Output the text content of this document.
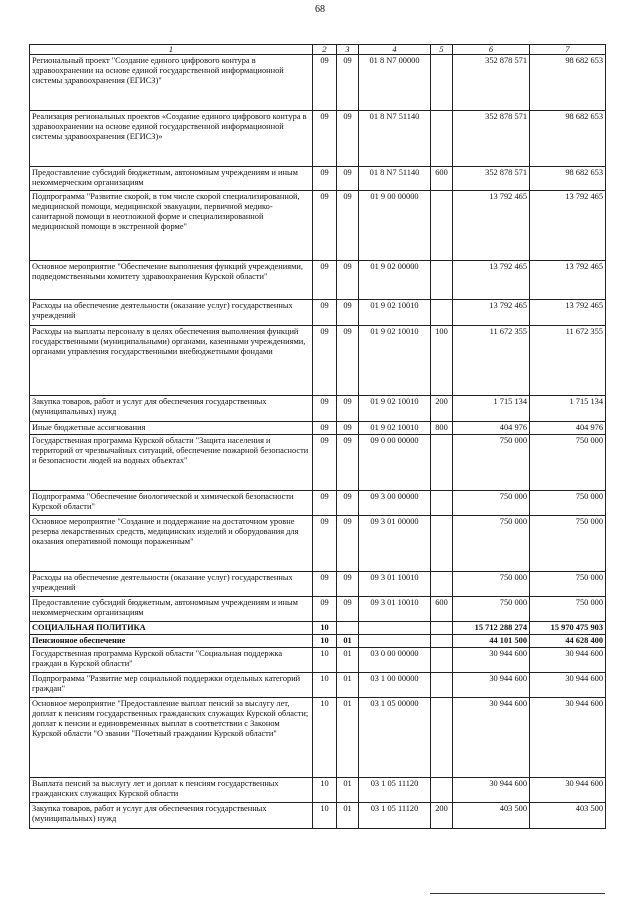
68
1	2	3	4	5	6	7
Региональный проект "Создание единого цифрового контура в здравоохранении на основе единой государственной информационной системы здравоохранения (ЕГИСЗ)"	09	09	01 8 N7 00000		352 878 571	98 682 653
Реализация региональных проектов «Создание единого цифрового контура в здравоохранении на основе единой государственной информационной системы здравоохранения (ЕГИСЗ)»	09	09	01 8 N7 51140		352 878 571	98 682 653
Предоставление субсидий бюджетным, автономным учреждениям и иным некоммерческим организациям	09	09	01 8 N7 51140	600	352 878 571	98 682 653
Подпрограмма "Развитие скорой, в том числе скорой специализированной, медицинской помощи, медицинской эвакуации, первичной медико-санитарной помощи в неотложной форме и специализированной медицинской помощи в экстренной форме"	09	09	01 9 00 00000		13 792 465	13 792 465
Основное мероприятие "Обеспечение выполнения функций учреждениями, подведомственными комитету здравоохранения Курской области"	09	09	01 9 02 00000		13 792 465	13 792 465
Расходы на обеспечение деятельности (оказание услуг) государственных учреждений	09	09	01 9 02 10010		13 792 465	13 792 465
Расходы на выплаты персоналу в целях обеспечения выполнения функций государственными (муниципальными) органами, казенными учреждениями, органами управления государственными внебюджетными фондами	09	09	01 9 02 10010	100	11 672 355	11 672 355
Закупка товаров, работ и услуг для обеспечения государственных (муниципальных) нужд	09	09	01 9 02 10010	200	1 715 134	1 715 134
Иные бюджетные ассигнования	09	09	01 9 02 10010	800	404 976	404 976
Государственная программа Курской области "Защита населения и территорий от чрезвычайных ситуаций, обеспечение пожарной безопасности и безопасности людей на водных объектах"	09	09	09 0 00 00000		750 000	750 000
Подпрограмма "Обеспечение биологической и химической безопасности Курской области"	09	09	09 3 00 00000		750 000	750 000
Основное мероприятие "Создание и поддержание на достаточном уровне резерва лекарственных средств, медицинских изделий и оборудования для оказания оперативной помощи пораженным"	09	09	09 3 01 00000		750 000	750 000
Расходы на обеспечение деятельности (оказание услуг) государственных учреждений	09	09	09 3 01 10010		750 000	750 000
Предоставление субсидий бюджетным, автономным учреждениям и иным некоммерческим организациям	09	09	09 3 01 10010	600	750 000	750 000
СОЦИАЛЬНАЯ ПОЛИТИКА	10				15 712 288 274	15 970 475 903
Пенсионное обеспечение	10	01			44 101 500	44 628 400
Государственная программа Курской области "Социальная поддержка граждан в Курской области"	10	01	03 0 00 00000		30 944 600	30 944 600
Подпрограмма "Развитие мер социальной поддержки отдельных категорий граждан"	10	01	03 1 00 00000		30 944 600	30 944 600
Основное мероприятие "Предоставление выплат пенсий за выслугу лет, доплат к пенсиям государственных гражданских служащих Курской области; доплат к пенсии и единовременных выплат в соответствии с Законом Курской области "О звании "Почетный гражданин Курской области"	10	01	03 1 05 00000		30 944 600	30 944 600
Выплата пенсий за выслугу лет и доплат к пенсиям государственных гражданских служащих Курской области	10	01	03 1 05 11120		30 944 600	30 944 600
Закупка товаров, работ и услуг для обеспечения государственных (муниципальных) нужд	10	01	03 1 05 11120	200	403 500	403 500
